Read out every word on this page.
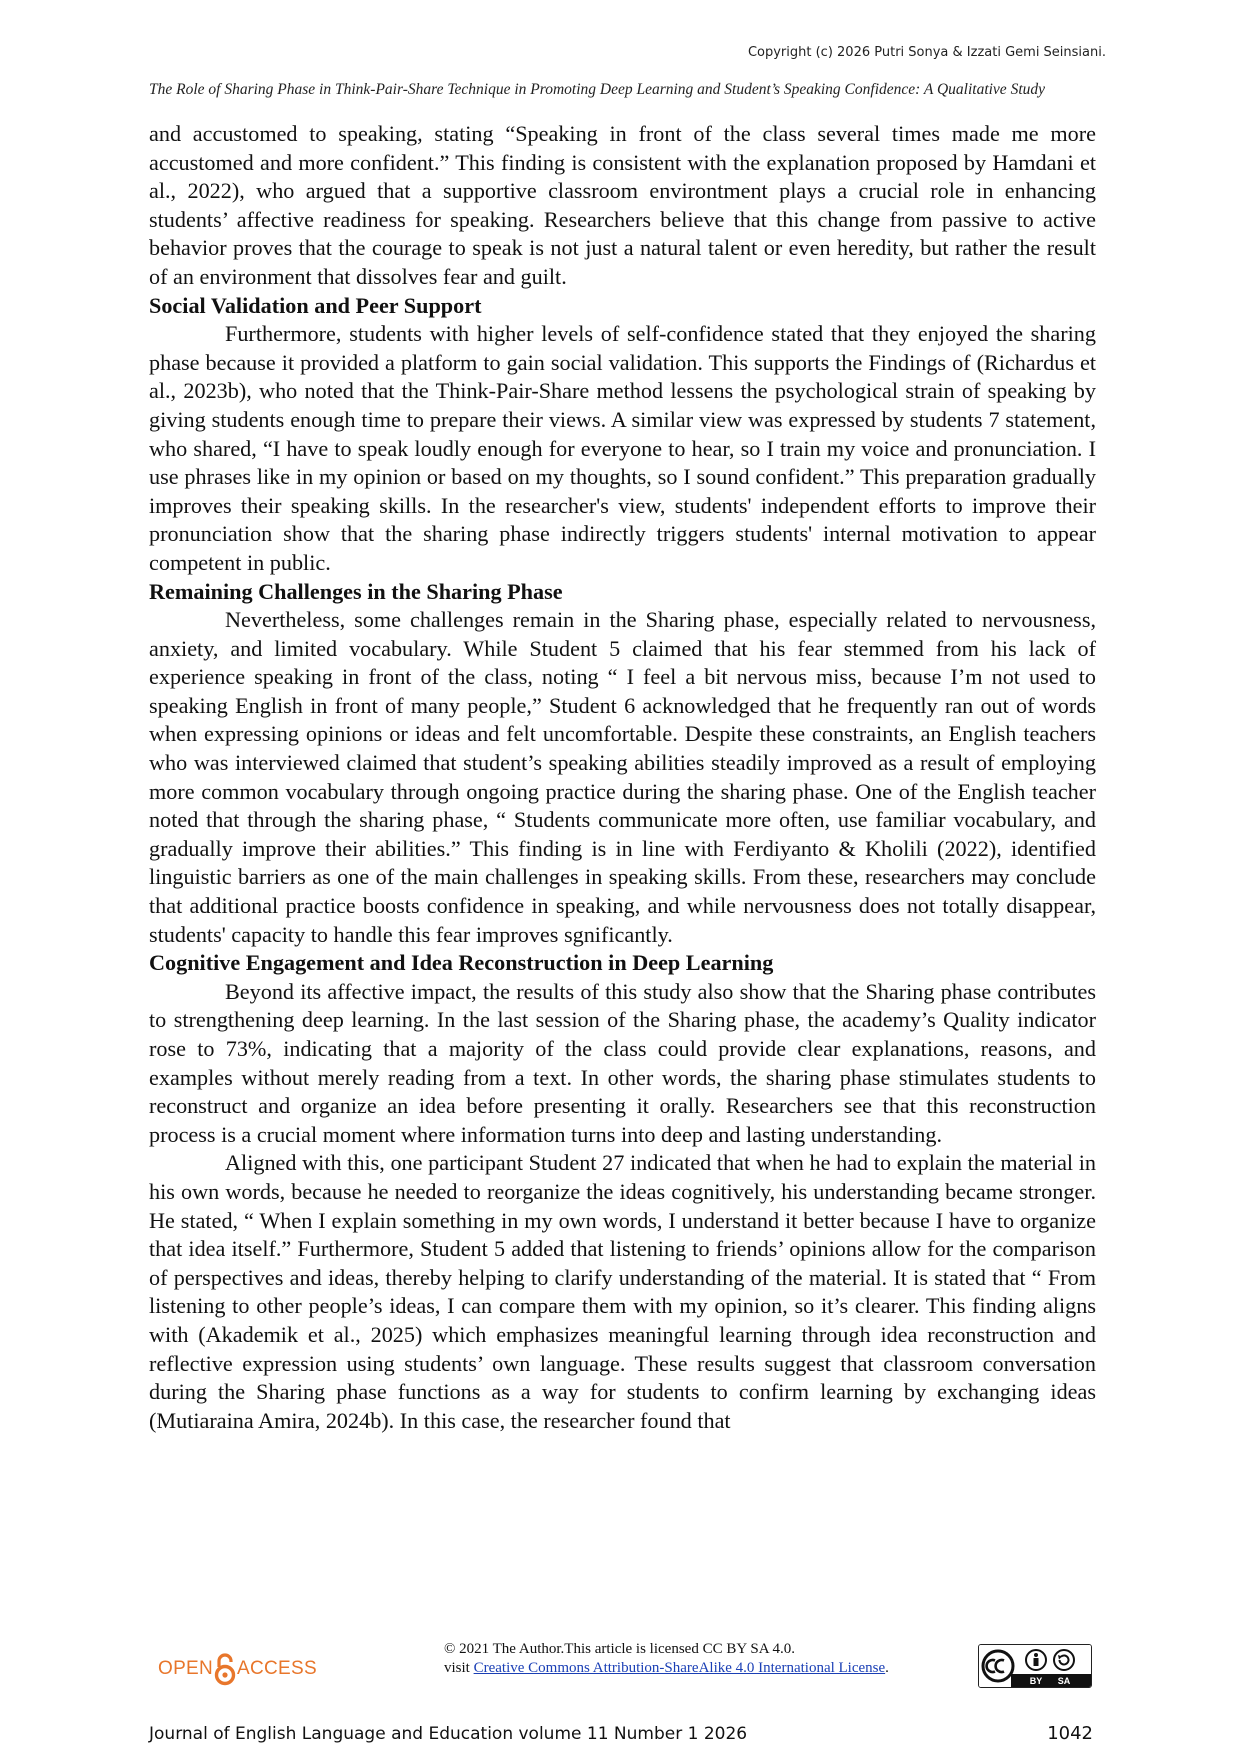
Copyright (c) 2026 Putri Sonya & Izzati Gemi Seinsiani.
The Role of Sharing Phase in Think-Pair-Share Technique in Promoting Deep Learning and Student’s Speaking Confidence: A Qualitative Study

and accustomed to speaking, stating “Speaking in front of the class several times made me more accustomed and more confident.” This finding is consistent with the explanation proposed by Hamdani et al., 2022), who argued that a supportive classroom environtment plays a crucial role in enhancing students’ affective readiness for speaking. Researchers believe that this change from passive to active behavior proves that the courage to speak is not just a natural talent or even heredity, but rather the result of an environment that dissolves fear and guilt.

Social Validation and Peer Support

Furthermore, students with higher levels of self-confidence stated that they enjoyed the sharing phase because it provided a platform to gain social validation. This supports the Findings of (Richardus et al., 2023b), who noted that the Think-Pair-Share method lessens the psychological strain of speaking by giving students enough time to prepare their views. A similar view was expressed by students 7 statement, who shared, “I have to speak loudly enough for everyone to hear, so I train my voice and pronunciation. I use phrases like in my opinion or based on my thoughts, so I sound confident.” This preparation gradually improves their speaking skills. In the researcher's view, students' independent efforts to improve their pronunciation show that the sharing phase indirectly triggers students' internal motivation to appear competent in public.

Remaining Challenges in the Sharing Phase

Nevertheless, some challenges remain in the Sharing phase, especially related to nervousness, anxiety, and limited vocabulary. While Student 5 claimed that his fear stemmed from his lack of experience speaking in front of the class, noting “ I feel a bit nervous miss, because I’m not used to speaking English in front of many people,” Student 6 acknowledged that he frequently ran out of words when expressing opinions or ideas and felt uncomfortable. Despite these constraints, an English teachers who was interviewed claimed that student’s speaking abilities steadily improved as a result of employing more common vocabulary through ongoing practice during the sharing phase. One of the English teacher noted that through the sharing phase, “ Students communicate more often, use familiar vocabulary, and gradually improve their abilities.” This finding is in line with Ferdiyanto & Kholili (2022), identified linguistic barriers as one of the main challenges in speaking skills. From these, researchers may conclude that additional practice boosts confidence in speaking, and while nervousness does not totally disappear, students' capacity to handle this fear improves sgnificantly.

Cognitive Engagement and Idea Reconstruction in Deep Learning

Beyond its affective impact, the results of this study also show that the Sharing phase contributes to strengthening deep learning. In the last session of the Sharing phase, the academy’s Quality indicator rose to 73%, indicating that a majority of the class could provide clear explanations, reasons, and examples without merely reading from a text. In other words, the sharing phase stimulates students to reconstruct and organize an idea before presenting it orally. Researchers see that this reconstruction process is a crucial moment where information turns into deep and lasting understanding.

Aligned with this, one participant Student 27 indicated that when he had to explain the material in his own words, because he needed to reorganize the ideas cognitively, his understanding became stronger. He stated, “ When I explain something in my own words, I understand it better because I have to organize that idea itself.” Furthermore, Student 5 added that listening to friends’ opinions allow for the comparison of perspectives and ideas, thereby helping to clarify understanding of the material. It is stated that “ From listening to other people’s ideas, I can compare them with my opinion, so it’s clearer. This finding aligns with (Akademik et al., 2025) which emphasizes meaningful learning through idea reconstruction and reflective expression using students’ own language. These results suggest that classroom conversation during the Sharing phase functions as a way for students to confirm learning by exchanging ideas (Mutiaraina Amira, 2024b). In this case, the researcher found that

OPEN ACCESS
© 2021 The Author.This article is licensed CC BY SA 4.0.
visit Creative Commons Attribution-ShareAlike 4.0 International License.
BY SA
Journal of English Language and Education volume 11 Number 1 2026	1042
